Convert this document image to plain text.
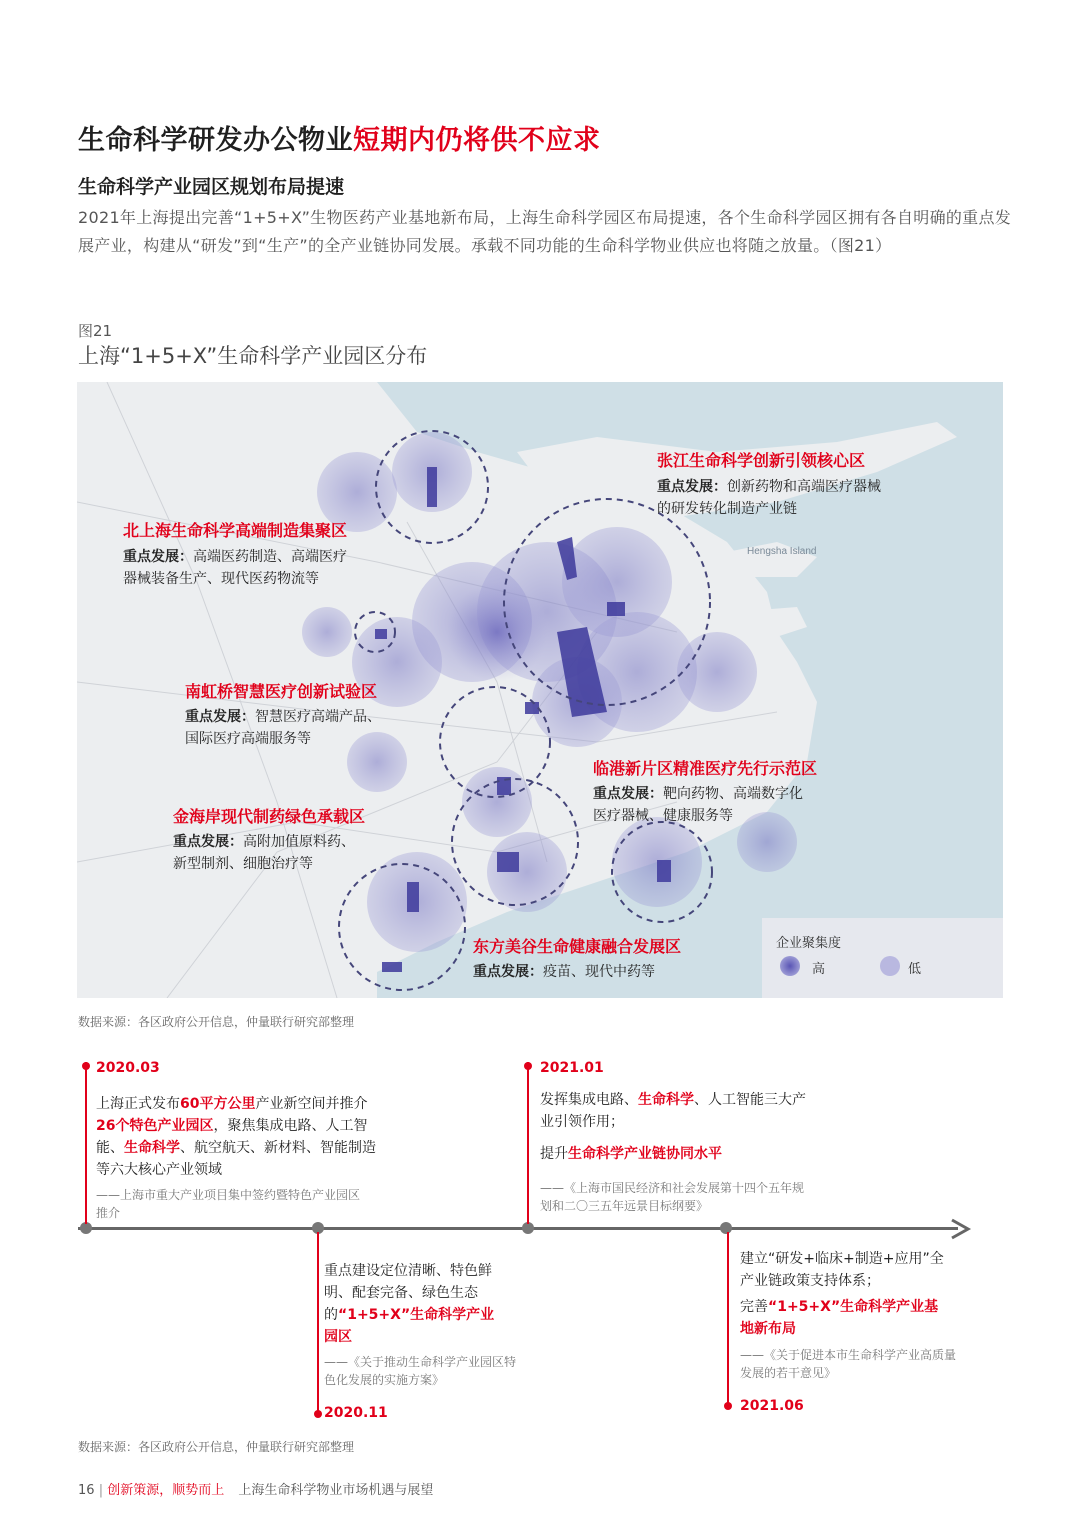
生命科学研发办公物业短期内仍将供不应求
生命科学产业园区规划布局提速
2021年上海提出完善“1+5+X”生物医药产业基地新布局，上海生命科学园区布局提速，各个生命科学园区拥有各自明确的重点发展产业，构建从“研发”到“生产”的全产业链协同发展。承载不同功能的生命科学物业供应也将随之放量。（图21）
图21
上海“1+5+X”生命科学产业园区分布
Hengsha Island
张江生命科学创新引领核心区
重点发展：创新药物和高端医疗器械
的研发转化制造产业链
北上海生命科学高端制造集聚区
重点发展：高端医药制造、高端医疗
器械装备生产、现代医药物流等
南虹桥智慧医疗创新试验区
重点发展：智慧医疗高端产品、
国际医疗高端服务等
临港新片区精准医疗先行示范区
重点发展：靶向药物、高端数字化
医疗器械、健康服务等
金海岸现代制药绿色承载区
重点发展：高附加值原料药、
新型制剂、细胞治疗等
东方美谷生命健康融合发展区
重点发展：疫苗、现代中药等
企业聚集度
高	低
数据来源：各区政府公开信息，仲量联行研究部整理
2020.03
上海正式发布60平方公里产业新空间并推介26个特色产业园区，聚焦集成电路、人工智能、生命科学、航空航天、新材料、智能制造等六大核心产业领域
——上海市重大产业项目集中签约暨特色产业园区推介
重点建设定位清晰、特色鲜明、配套完备、绿色生态的“1+5+X”生命科学产业园区
——《关于推动生命科学产业园区特色化发展的实施方案》
2020.11
2021.01
发挥集成电路、生命科学、人工智能三大产业引领作用；
提升生命科学产业链协同水平
——《上海市国民经济和社会发展第十四个五年规划和二〇三五年远景目标纲要》
建立“研发+临床+制造+应用”全产业链政策支持体系；
完善“1+5+X”生命科学产业基地新布局
——《关于促进本市生命科学产业高质量发展的若干意见》
2021.06
数据来源：各区政府公开信息，仲量联行研究部整理
16 | 创新策源，顺势而上 上海生命科学物业市场机遇与展望
